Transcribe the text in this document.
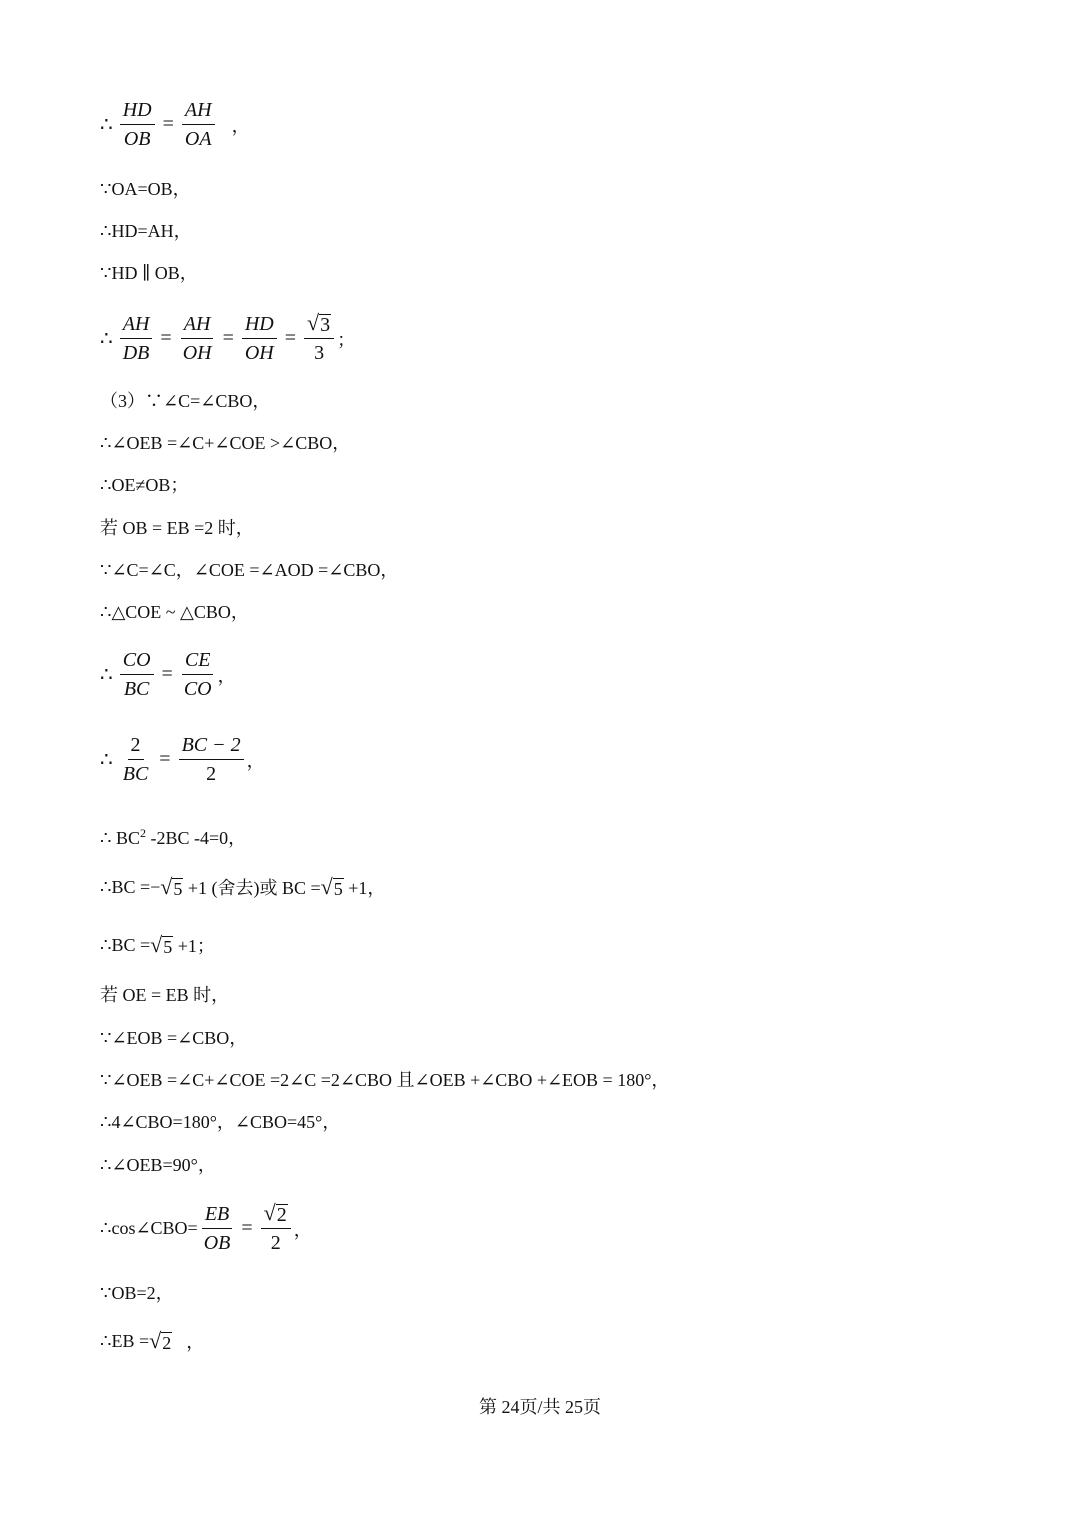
∴ $\frac{HD}{OB} = \frac{AH}{OA}$ ，
∵OA=OB，
∴HD=AH，
∵HD ∥ OB，
∴ $\frac{AH}{DB} = \frac{AH}{OH} = \frac{HD}{OH} = \frac{√ 3}{3}$ ；
（3）∵∠C=∠CBO，
∴∠OEB =∠C+∠COE >∠CBO，
∴OE≠OB；
若 OB = EB =2 时，
∵∠C=∠C，∠COE =∠AOD =∠CBO，
∴△COE ~ △CBO，
∴ $\frac{CO}{BC} = \frac{CE}{CO}$ ，
∴ $\frac{2}{BC} = \frac{BC - 2}{2}$ ，
∴ $BC^2$ -2BC -4=0，
∴BC = − √ 5 +1 (舍去)或 BC = √ 5 +1，
∴BC = √ 5 +1；
若 OE = EB 时，
∵∠EOB =∠CBO，
∵∠OEB =∠C+∠COE =2∠C =2∠CBO 且∠OEB +∠CBO +∠EOB = 180°，
∴4∠CBO=180°，∠CBO=45°，
∴∠OEB=90°，
∴cos∠CBO= $\frac{EB}{OB} = \frac{√ 2}{2}$ ，
∵OB=2，
∴EB = √ 2 ，
第 24页/共 25页
